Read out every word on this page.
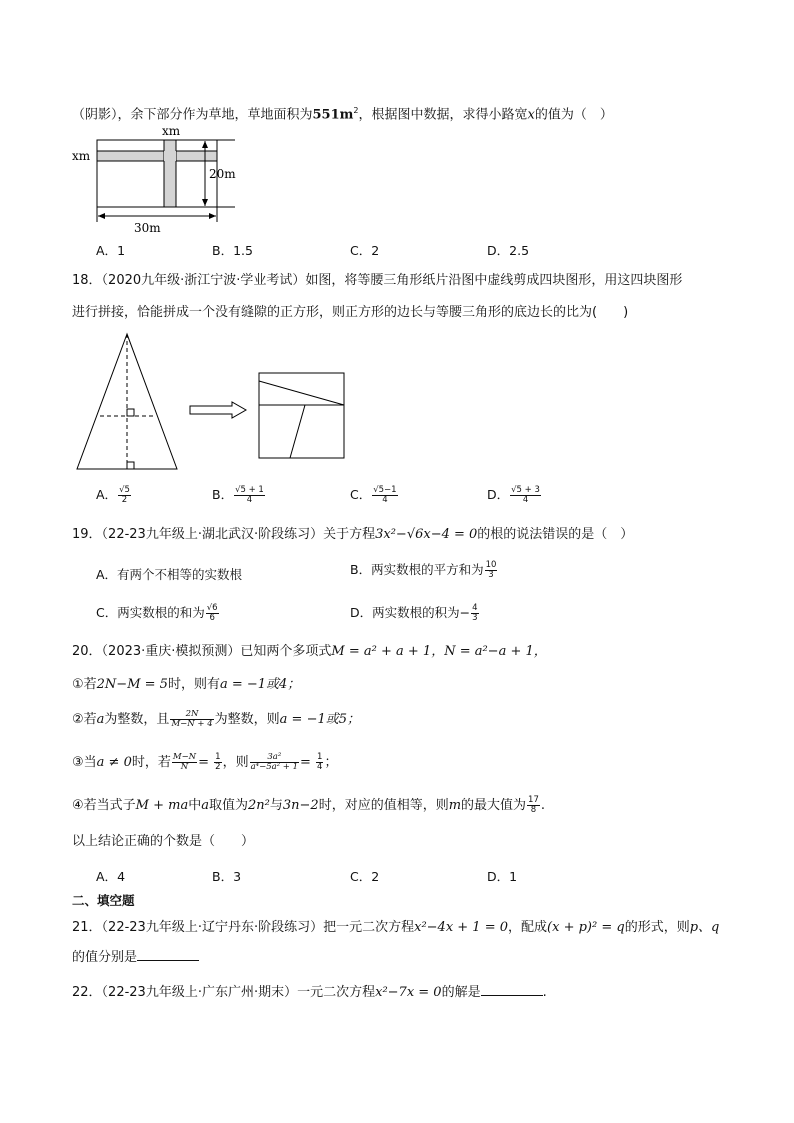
（阴影），余下部分作为草地，草地面积为$551m^2$，根据图中数据，求得小路宽x的值为（　）
xm
xm
20m
30m
A．1	B．1.5	C．2	D．2.5
18．（2020九年级·浙江宁波·学业考试）如图，将等腰三角形纸片沿图中虚线剪成四块图形，用这四块图形
进行拼接，恰能拼成一个没有缝隙的正方形，则正方形的边长与等腰三角形的底边长的比为(　　)
A． $\frac{√5}{2}$	B． $\frac{√5 + 1}{4}$	C． $\frac{√5-1}{4}$	D． $\frac{√5 + 3}{4}$
19．（22-23九年级上·湖北武汉·阶段练习）关于方程3x²−√6x−4 = 0的根的说法错误的是（　）
A．有两个不相等的实数根	B．两实数根的平方和为 $\frac{10}{3}$
C．两实数根的和为 $\frac{√6}{6}$	D．两实数根的积为− $\frac{4}{3}$
20．（2023·重庆·模拟预测）已知两个多项式M = a² + a + 1，N = a²−a + 1，
①若2N−M = 5时，则有a = −1或4；
②若a为整数，且 $\frac{2N}{M-N + 4}$ 为整数，则a = −1或5；
③当a ≠ 0时，若 $\frac{M-N}{N} = \frac{1}{2}$ ，则 $\frac{\text{3a²}}{\text{a⁴−5a² + 1}} = \frac{1}{4}$ ；
④若当式子M + ma中a取值为2n²与3n−2时，对应的值相等，则m的最大值为 $\frac{17}{8}$ .
以上结论正确的个数是（　　）
A．4	B．3	C．2	D．1
二、填空题
21．（22-23九年级上·辽宁丹东·阶段练习）把一元二次方程x²−4x + 1 = 0，配成(x + p)² = q的形式，则p、q
的值分别是
22．（22-23九年级上·广东广州·期末）一元二次方程x²−7x = 0的解是	.
